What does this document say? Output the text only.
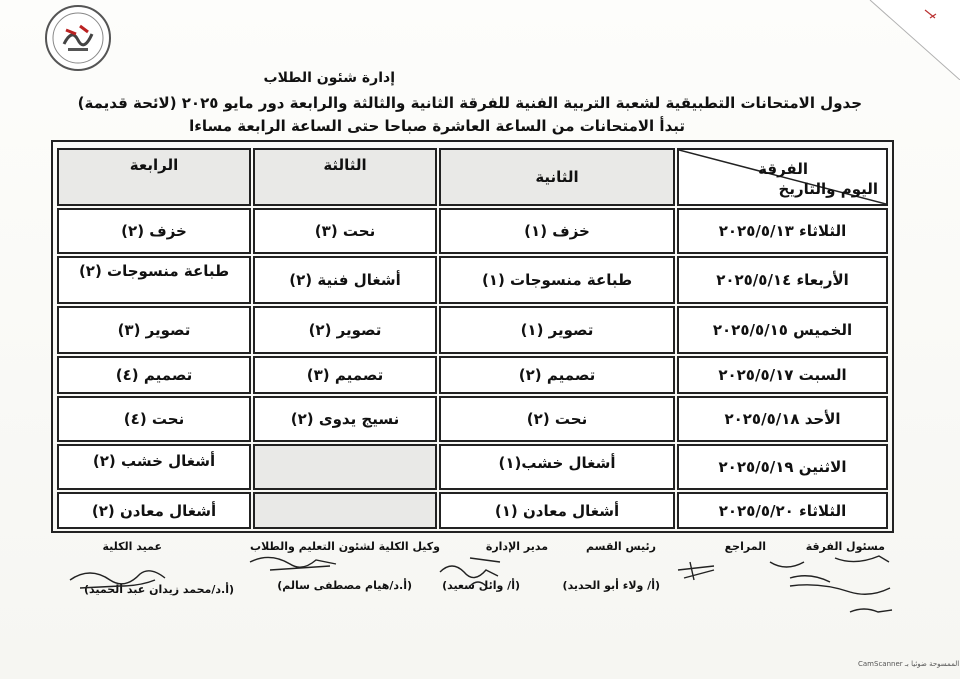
إدارة شئون الطلاب
جدول الامتحانات التطبيقية لشعبة التربية الفنية للفرقة الثانية والثالثة والرابعة دور مايو ٢٠٢٥ (لائحة قديمة)
تبدأ الامتحانات من الساعة العاشرة صباحا حتى الساعة الرابعة مساءا
الفرقة
اليوم والتاريخ
الثانية
الثالثة
الرابعة
الثلاثاء ٢٠٢٥/٥/١٣
خزف (١)
نحت (٣)
خزف (٢)
الأربعاء ٢٠٢٥/٥/١٤
طباعة منسوجات (١)
أشغال فنية (٢)
طباعة منسوجات (٢)
الخميس ٢٠٢٥/٥/١٥
تصوير (١)
تصوير (٢)
تصوير (٣)
السبت ٢٠٢٥/٥/١٧
تصميم (٢)
تصميم (٣)
تصميم (٤)
الأحد ٢٠٢٥/٥/١٨
نحت (٢)
نسيج يدوى (٢)
نحت (٤)
الاثنين ٢٠٢٥/٥/١٩
أشغال خشب(١)
أشغال خشب (٢)
الثلاثاء ٢٠٢٥/٥/٢٠
أشغال معادن (١)
أشغال معادن (٢)
مسئول الفرقة
المراجع
رئيس القسم
مدير الإدارة
وكيل الكلية لشئون التعليم والطلاب
عميد الكلية
(أ/ ولاء أبو الحديد)
(أ/ وائل سعيد)
(أ.د/هيام مصطفى سالم)
(أ.د/محمد زيدان عبد الحميد)
CamScanner الممسوحة ضوئيا بـ
